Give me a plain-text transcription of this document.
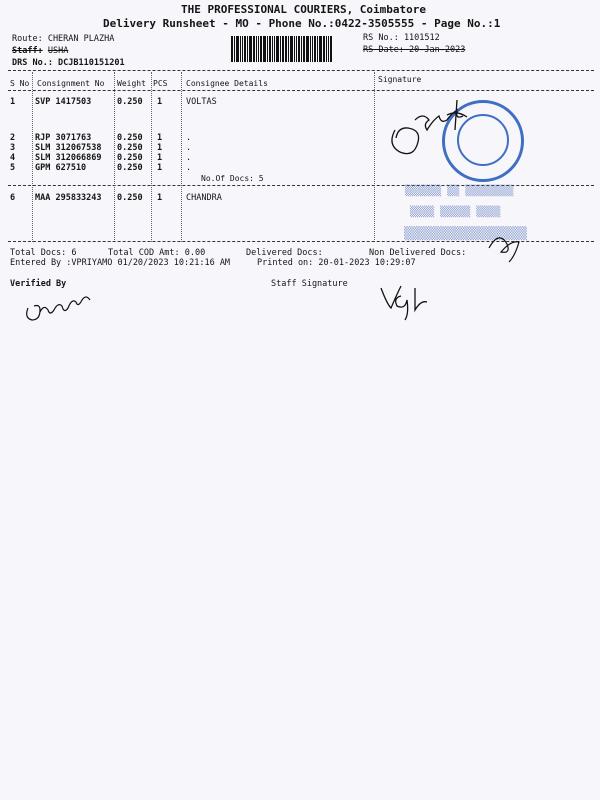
THE PROFESSIONAL COURIERS, Coimbatore
Delivery Runsheet - MO - Phone No.:0422-3505555 - Page No.:1
Route: CHERAN PLAZHA
Staff: USHA
DRS No.: DCJB110151201
RS No.: 1101512
RS Date: 20-Jan-2023
S No Consignment No Weight PCS Consignee Details	Signature
1 SVP 1417503	0.250 1	VOLTAS
2 RJP 3071763	0.250 1	.
3 SLM 312067538 0.250 1	.
4 SLM 312066869 0.250 1	.
5 GPM 627510	0.250 1	.
No.Of Docs: 5
6 MAA 295833243 0.250 1	CHANDRA
Total Docs: 6	Total COD Amt: 0.00	Delivered Docs:	Non Delivered Docs:
Entered By :VPRIYAMO 01/20/2023 10:21:16 AM	Printed on: 20-01-2023 10:29:07
Verified By	Staff Signature
▒▒▒▒▒▒▒▒ ▒▒ ▒▒▒▒▒▒
▒▒▒▒ ▒▒▒▒▒ ▒▒▒▒
▒▒▒▒▒▒▒▒▒▒▒▒▒▒▒▒▒
